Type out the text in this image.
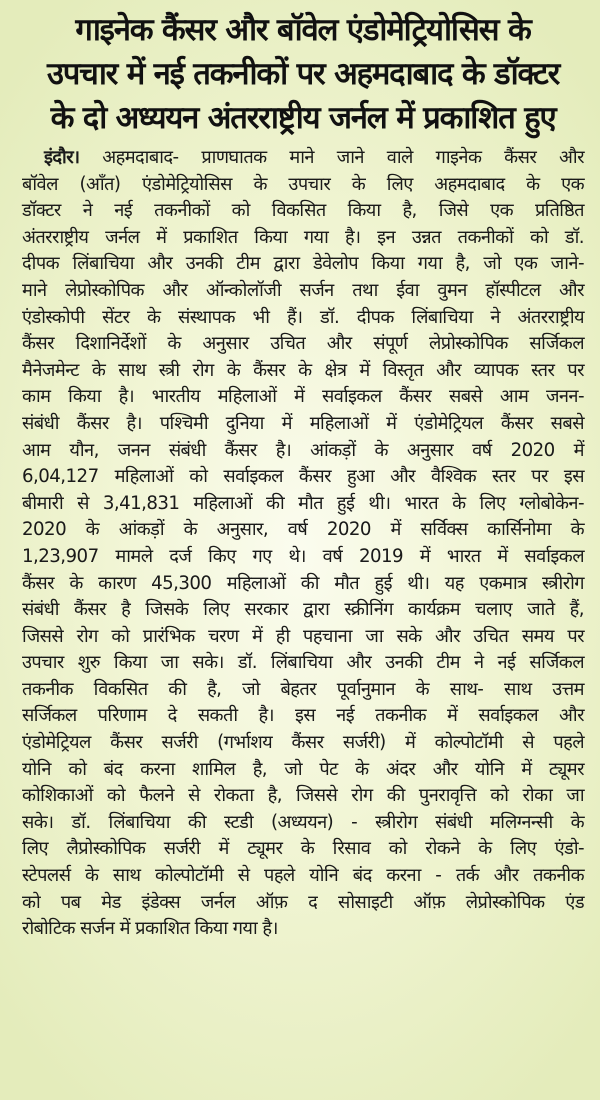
गाइनेक कैंसर और बॉवेल एंडोमेट्रियोसिस के
उपचार में नई तकनीकों पर अहमदाबाद के डॉक्टर
के दो अध्ययन अंतरराष्ट्रीय जर्नल में प्रकाशित हुए
इंदौर। अहमदाबाद- प्राणघातक माने जाने वाले गाइनेक कैंसर और
बॉवेल (आँत) एंडोमेट्रियोसिस के उपचार के लिए अहमदाबाद के एक
डॉक्टर ने नई तकनीकों को विकसित किया है, जिसे एक प्रतिष्ठित
अंतरराष्ट्रीय जर्नल में प्रकाशित किया गया है। इन उन्नत तकनीकों को डॉ.
दीपक लिंबाचिया और उनकी टीम द्वारा डेवेलोप किया गया है, जो एक जाने-
माने लेप्रोस्कोपिक और ऑन्कोलॉजी सर्जन तथा ईवा वुमन हॉस्पीटल और
एंडोस्कोपी सेंटर के संस्थापक भी हैं। डॉ. दीपक लिंबाचिया ने अंतरराष्ट्रीय
कैंसर दिशानिर्देशों के अनुसार उचित और संपूर्ण लेप्रोस्कोपिक सर्जिकल
मैनेजमेन्ट के साथ स्त्री रोग के कैंसर के क्षेत्र में विस्तृत और व्यापक स्तर पर
काम किया है। भारतीय महिलाओं में सर्वाइकल कैंसर सबसे आम जनन-
संबंधी कैंसर है। पश्चिमी दुनिया में महिलाओं में एंडोमेट्रियल कैंसर सबसे
आम यौन, जनन संबंधी कैंसर है। आंकड़ों के अनुसार वर्ष 2020 में
6,04,127 महिलाओं को सर्वाइकल कैंसर हुआ और वैश्विक स्तर पर इस
बीमारी से 3,41,831 महिलाओं की मौत हुई थी। भारत के लिए ग्लोबोकेन-
2020 के आंकड़ों के अनुसार, वर्ष 2020 में सर्विक्स कार्सिनोमा के
1,23,907 मामले दर्ज किए गए थे। वर्ष 2019 में भारत में सर्वाइकल
कैंसर के कारण 45,300 महिलाओं की मौत हुई थी। यह एकमात्र स्त्रीरोग
संबंधी कैंसर है जिसके लिए सरकार द्वारा स्क्रीनिंग कार्यक्रम चलाए जाते हैं,
जिससे रोग को प्रारंभिक चरण में ही पहचाना जा सके और उचित समय पर
उपचार शुरु किया जा सके। डॉ. लिंबाचिया और उनकी टीम ने नई सर्जिकल
तकनीक विकसित की है, जो बेहतर पूर्वानुमान के साथ- साथ उत्तम
सर्जिकल परिणाम दे सकती है। इस नई तकनीक में सर्वाइकल और
एंडोमेट्रियल कैंसर सर्जरी (गर्भाशय कैंसर सर्जरी) में कोल्पोटॉमी से पहले
योनि को बंद करना शामिल है, जो पेट के अंदर और योनि में ट्यूमर
कोशिकाओं को फैलने से रोकता है, जिससे रोग की पुनरावृत्ति को रोका जा
सके। डॉ. लिंबाचिया की स्टडी (अध्ययन) - स्त्रीरोग संबंधी मलिग्नन्सी के
लिए लैप्रोस्कोपिक सर्जरी में ट्यूमर के रिसाव को रोकने के लिए एंडो-
स्टेपलर्स के साथ कोल्पोटॉमी से पहले योनि बंद करना - तर्क और तकनीक
को पब मेड इंडेक्स जर्नल ऑफ़ द सोसाइटी ऑफ़ लेप्रोस्कोपिक एंड
रोबोटिक सर्जन में प्रकाशित किया गया है।
